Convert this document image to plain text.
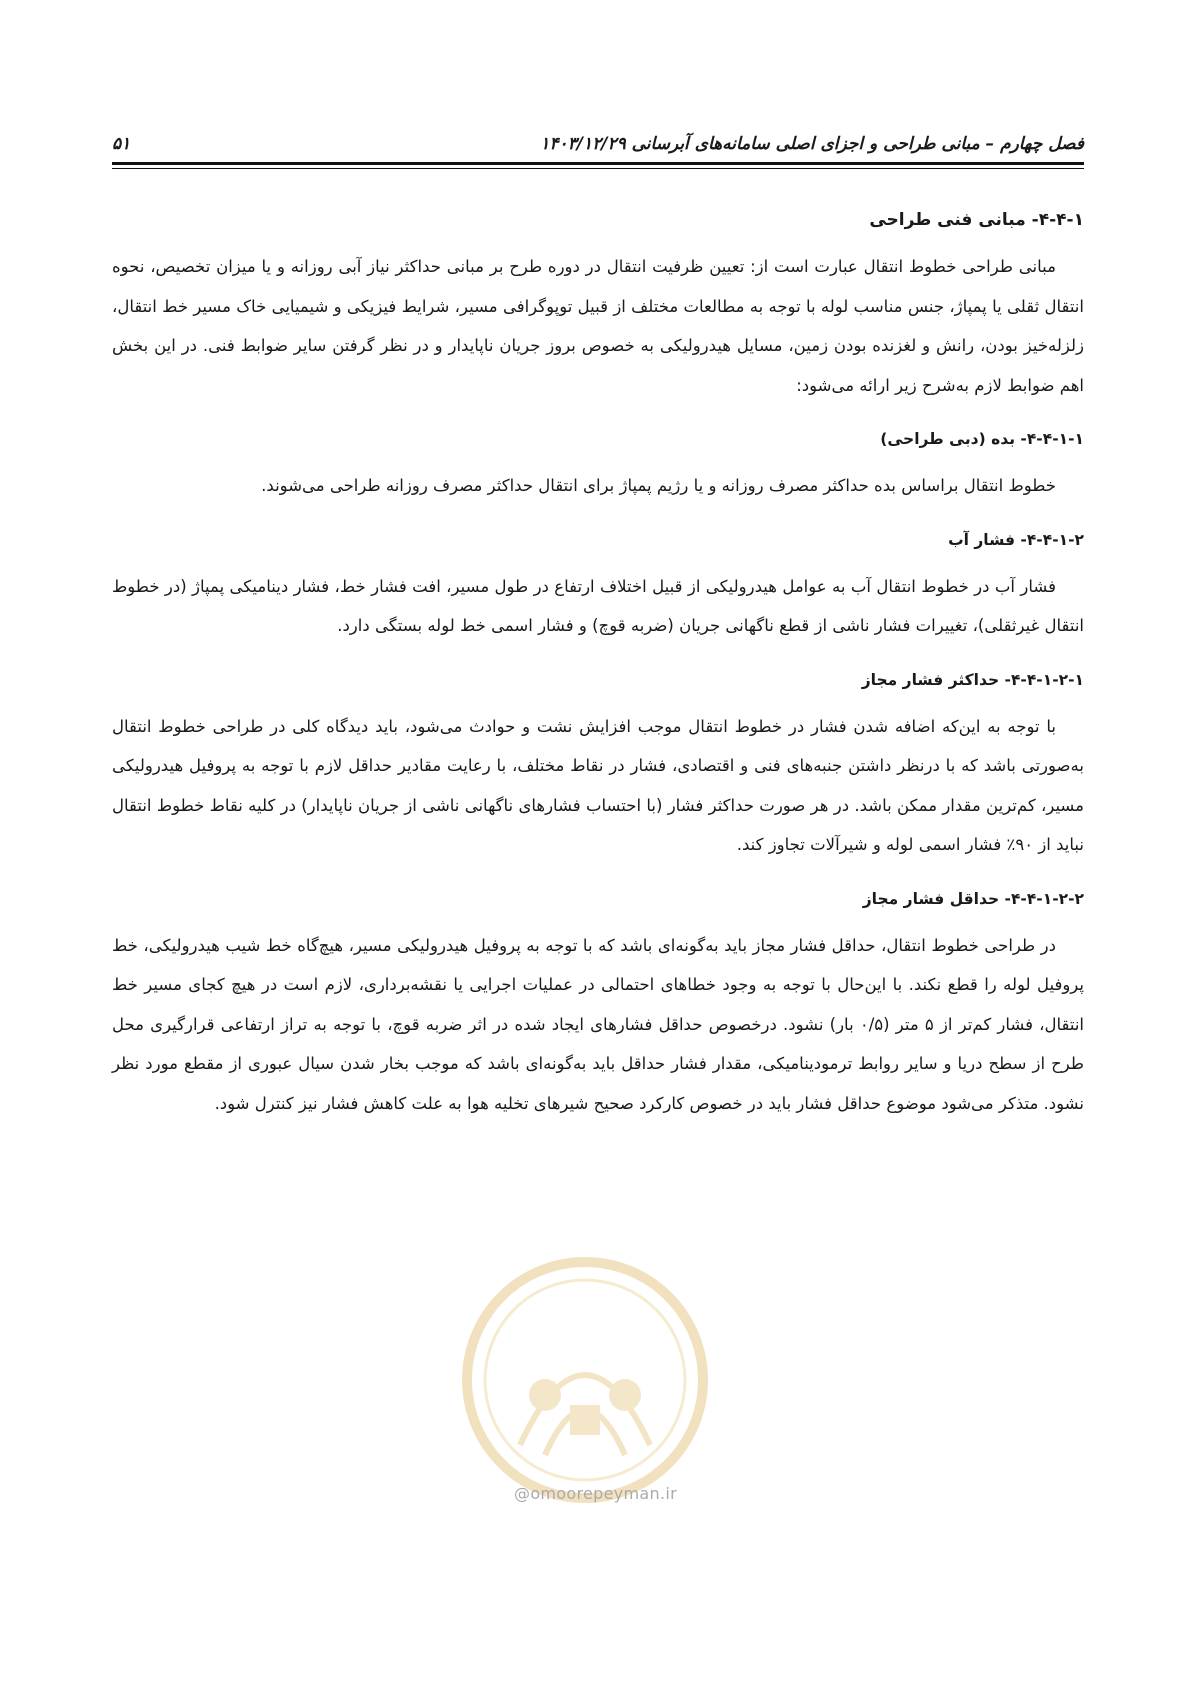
فصل چهارم – مبانی طراحی و اجزای اصلی سامانه‌های آبرسانی ۱۴۰۳/۱۲/۲۹
۵۱
۴-۴-۱- مبانی فنی طراحی

مبانی طراحی خطوط انتقال عبارت است از: تعیین ظرفیت انتقال در دوره طرح بر مبانی حداکثر نیاز آبی روزانه و یا میزان تخصیص، نحوه انتقال ثقلی یا پمپاژ، جنس مناسب لوله با توجه به مطالعات مختلف از قبیل توپوگرافی مسیر، شرایط فیزیکی و شیمیایی خاک مسیر خط انتقال، زلزله‌خیز بودن، رانش و لغزنده بودن زمین، مسایل هیدرولیکی به خصوص بروز جریان ناپایدار و در نظر گرفتن سایر ضوابط فنی. در این بخش اهم ضوابط لازم به‌شرح زیر ارائه می‌شود:

۴-۴-۱-۱- بده (دبی طراحی)

خطوط انتقال براساس بده حداکثر مصرف روزانه و یا رژیم پمپاژ برای انتقال حداکثر مصرف روزانه طراحی می‌شوند.

۴-۴-۱-۲- فشار آب

فشار آب در خطوط انتقال آب به عوامل هیدرولیکی از قبیل اختلاف ارتفاع در طول مسیر، افت فشار خط، فشار دینامیکی پمپاژ (در خطوط انتقال غیرثقلی)، تغییرات فشار ناشی از قطع ناگهانی جریان (ضربه قوچ) و فشار اسمی خط لوله بستگی دارد.

۴-۴-۱-۲-۱- حداکثر فشار مجاز

با توجه به این‌که اضافه شدن فشار در خطوط انتقال موجب افزایش نشت و حوادث می‌شود، باید دیدگاه کلی در طراحی خطوط انتقال به‌صورتی باشد که با درنظر داشتن جنبه‌های فنی و اقتصادی، فشار در نقاط مختلف، با رعایت مقادیر حداقل لازم با توجه به پروفیل هیدرولیکی مسیر، کم‌ترین مقدار ممکن باشد. در هر صورت حداکثر فشار (با احتساب فشارهای ناگهانی ناشی از جریان ناپایدار) در کلیه نقاط خطوط انتقال نباید از ۹۰٪ فشار اسمی لوله و شیرآلات تجاوز کند.

۴-۴-۱-۲-۲- حداقل فشار مجاز

در طراحی خطوط انتقال، حداقل فشار مجاز باید به‌گونه‌ای باشد که با توجه به پروفیل هیدرولیکی مسیر، هیچ‌گاه خط شیب هیدرولیکی، خط پروفیل لوله را قطع نکند. با این‌حال با توجه به وجود خطاهای احتمالی در عملیات اجرایی یا نقشه‌برداری، لازم است در هیچ کجای مسیر خط انتقال، فشار کم‌تر از ۵ متر (۰/۵ بار) نشود. درخصوص حداقل فشارهای ایجاد شده در اثر ضربه قوچ، با توجه به تراز ارتفاعی قرارگیری محل طرح از سطح دریا و سایر روابط ترمودینامیکی، مقدار فشار حداقل باید به‌گونه‌ای باشد که موجب بخار شدن سیال عبوری از مقطع مورد نظر نشود. متذکر می‌شود موضوع حداقل فشار باید در خصوص کارکرد صحیح شیرهای تخلیه هوا به علت کاهش فشار نیز کنترل شود.

@omoorepeyman.ir
